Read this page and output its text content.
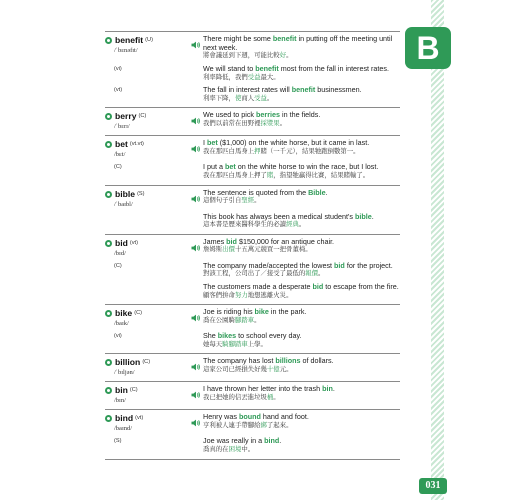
B
benefit (U)
/ˈbɛnəfɪt/
There might be some benefit in putting off the meeting until next week.
將會議延到下週，可能比較好。
(vi)	We will stand to benefit most from the fall in interest rates.
利率降低，我們受益最大。
(vt)	The fall in interest rates will benefit businessmen.
利率下降，使商人受益。
berry (C)
/ˈbɛrɪ/
We used to pick berries in the fields.
我們以前常在田野裡採漿果。
bet (vt.vt)
/bɛt/
I bet ($1,000) on the white horse, but it came in last.
我在那匹白馬身上押賭（一千元），結果牠跑倒數第一。
(C)	I put a bet on the white horse to win the race, but I lost.
我在那匹白馬身上押了賭，指望牠贏得比賽，結果賭輸了。
bible (S)
/ˈbaɪbl/
The sentence is quoted from the Bible.
這個句子引自聖經。
This book has always been a medical student's bible.
這本書是歷來醫科學生的必讀經典。
bid (vt)
/bɪd/
James bid $150,000 for an antique chair.
詹姆斯出價十五萬元競買一把骨董椅。
(C)	The company made/accepted the lowest bid for the project.
對該工程，公司出了／接受了最低的報價。
The customers made a desperate bid to escape from the fire.
顧客們拚命努力地想逃離火災。
bike (C)
/baɪk/
Joe is riding his bike in the park.
喬在公園騎腳踏車。
(vi)	She bikes to school every day.
她每天騎腳踏車上學。
billion (C)
/ˈbɪljən/
The company has lost billions of dollars.
這家公司已經損失好幾十億元。
bin (C)
/bɪn/
I have thrown her letter into the trash bin.
我已把她的信丟進垃圾桶。
bind (vt)
/baɪnd/
Henry was bound hand and foot.
亨利被人連手帶腳給綁了起來。
(S)	Joe was really in a bind.
喬真的在困境中。
031
